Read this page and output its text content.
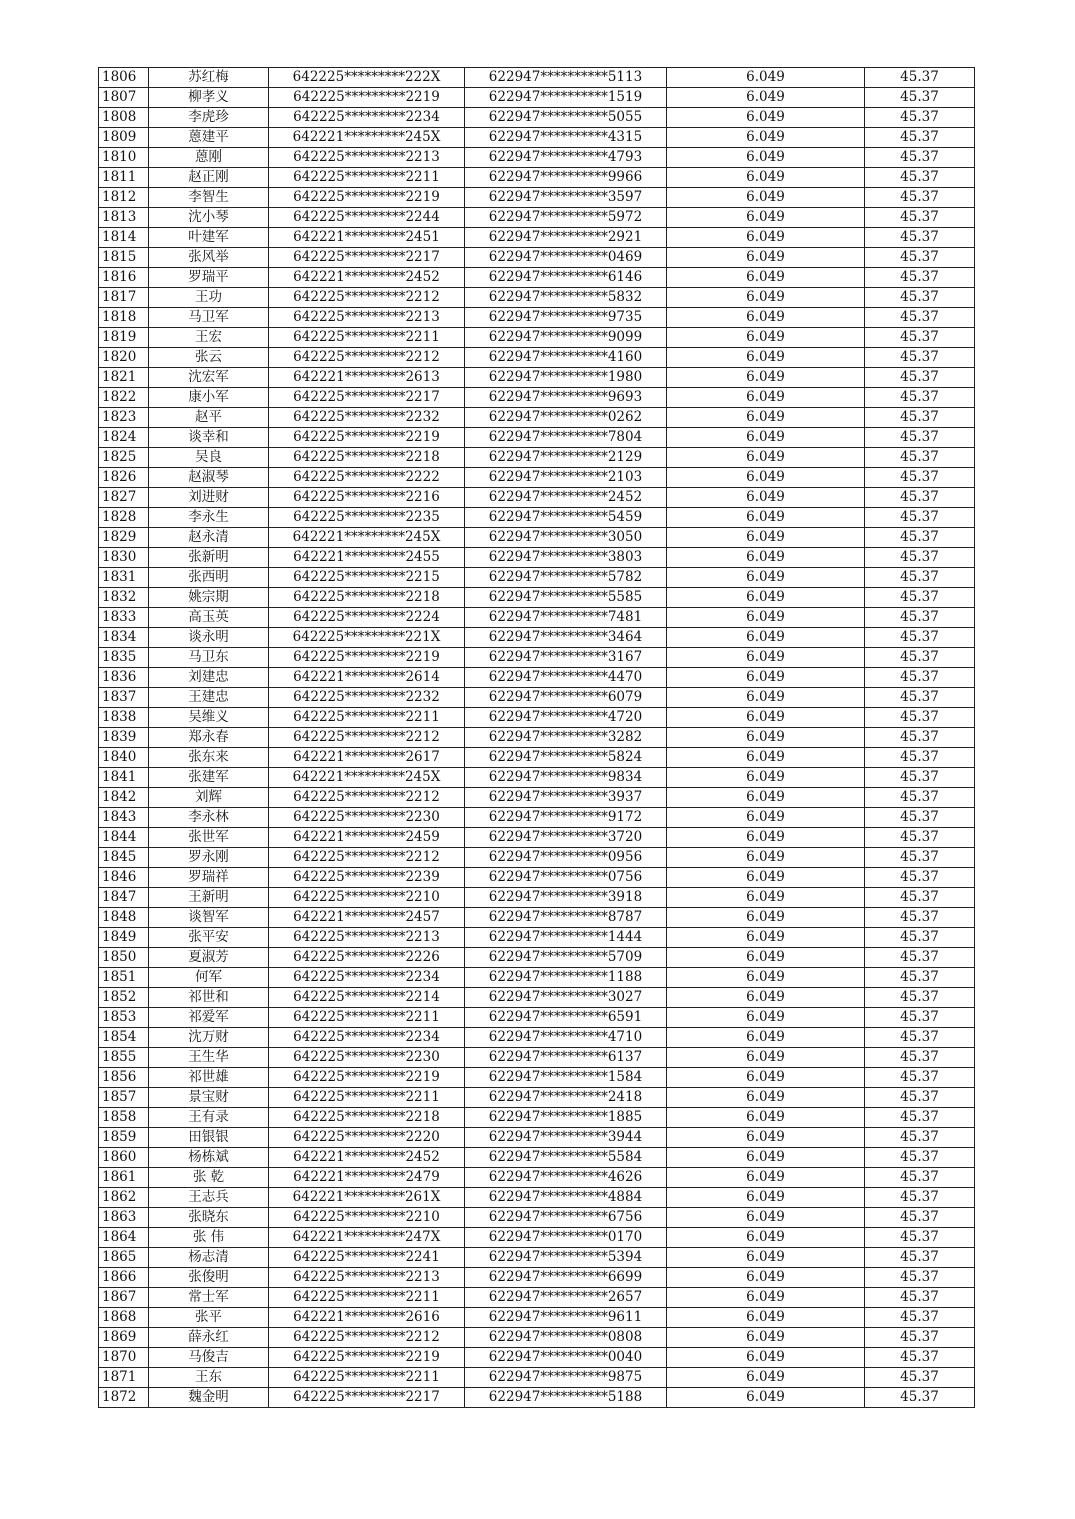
1806	苏红梅	642225*********222X	622947**********5113	6.049	45.37
1807	柳孝义	642225*********2219	622947**********1519	6.049	45.37
1808	李虎珍	642225*********2234	622947**********5055	6.049	45.37
1809	蒽建平	642221*********245X	622947**********4315	6.049	45.37
1810	蒽刚	642225*********2213	622947**********4793	6.049	45.37
1811	赵正刚	642225*********2211	622947**********9966	6.049	45.37
1812	李智生	642225*********2219	622947**********3597	6.049	45.37
1813	沈小琴	642225*********2244	622947**********5972	6.049	45.37
1814	叶建军	642221*********2451	622947**********2921	6.049	45.37
1815	张风举	642225*********2217	622947**********0469	6.049	45.37
1816	罗瑞平	642221*********2452	622947**********6146	6.049	45.37
1817	王功	642225*********2212	622947**********5832	6.049	45.37
1818	马卫军	642225*********2213	622947**********9735	6.049	45.37
1819	王宏	642225*********2211	622947**********9099	6.049	45.37
1820	张云	642225*********2212	622947**********4160	6.049	45.37
1821	沈宏军	642221*********2613	622947**********1980	6.049	45.37
1822	康小军	642225*********2217	622947**********9693	6.049	45.37
1823	赵平	642225*********2232	622947**********0262	6.049	45.37
1824	谈幸和	642225*********2219	622947**********7804	6.049	45.37
1825	吴良	642225*********2218	622947**********2129	6.049	45.37
1826	赵淑琴	642225*********2222	622947**********2103	6.049	45.37
1827	刘进财	642225*********2216	622947**********2452	6.049	45.37
1828	李永生	642225*********2235	622947**********5459	6.049	45.37
1829	赵永清	642221*********245X	622947**********3050	6.049	45.37
1830	张新明	642221*********2455	622947**********3803	6.049	45.37
1831	张西明	642225*********2215	622947**********5782	6.049	45.37
1832	姚宗期	642225*********2218	622947**********5585	6.049	45.37
1833	高玉英	642225*********2224	622947**********7481	6.049	45.37
1834	谈永明	642225*********221X	622947**********3464	6.049	45.37
1835	马卫东	642225*********2219	622947**********3167	6.049	45.37
1836	刘建忠	642221*********2614	622947**********4470	6.049	45.37
1837	王建忠	642225*********2232	622947**********6079	6.049	45.37
1838	吴维义	642225*********2211	622947**********4720	6.049	45.37
1839	郑永春	642225*********2212	622947**********3282	6.049	45.37
1840	张东来	642221*********2617	622947**********5824	6.049	45.37
1841	张建军	642221*********245X	622947**********9834	6.049	45.37
1842	刘辉	642225*********2212	622947**********3937	6.049	45.37
1843	李永林	642225*********2230	622947**********9172	6.049	45.37
1844	张世军	642221*********2459	622947**********3720	6.049	45.37
1845	罗永刚	642225*********2212	622947**********0956	6.049	45.37
1846	罗瑞祥	642225*********2239	622947**********0756	6.049	45.37
1847	王新明	642225*********2210	622947**********3918	6.049	45.37
1848	谈智军	642221*********2457	622947**********8787	6.049	45.37
1849	张平安	642225*********2213	622947**********1444	6.049	45.37
1850	夏淑芳	642225*********2226	622947**********5709	6.049	45.37
1851	何军	642225*********2234	622947**********1188	6.049	45.37
1852	祁世和	642225*********2214	622947**********3027	6.049	45.37
1853	祁爱军	642225*********2211	622947**********6591	6.049	45.37
1854	沈万财	642225*********2234	622947**********4710	6.049	45.37
1855	王生华	642225*********2230	622947**********6137	6.049	45.37
1856	祁世雄	642225*********2219	622947**********1584	6.049	45.37
1857	景宝财	642225*********2211	622947**********2418	6.049	45.37
1858	王有录	642225*********2218	622947**********1885	6.049	45.37
1859	田银银	642225*********2220	622947**********3944	6.049	45.37
1860	杨栋斌	642221*********2452	622947**********5584	6.049	45.37
1861	张 乾	642221*********2479	622947**********4626	6.049	45.37
1862	王志兵	642221*********261X	622947**********4884	6.049	45.37
1863	张晓东	642225*********2210	622947**********6756	6.049	45.37
1864	张 伟	642221*********247X	622947**********0170	6.049	45.37
1865	杨志清	642225*********2241	622947**********5394	6.049	45.37
1866	张俊明	642225*********2213	622947**********6699	6.049	45.37
1867	常士军	642225*********2211	622947**********2657	6.049	45.37
1868	张平	642221*********2616	622947**********9611	6.049	45.37
1869	薛永红	642225*********2212	622947**********0808	6.049	45.37
1870	马俊吉	642225*********2219	622947**********0040	6.049	45.37
1871	王东	642225*********2211	622947**********9875	6.049	45.37
1872	魏金明	642225*********2217	622947**********5188	6.049	45.37
